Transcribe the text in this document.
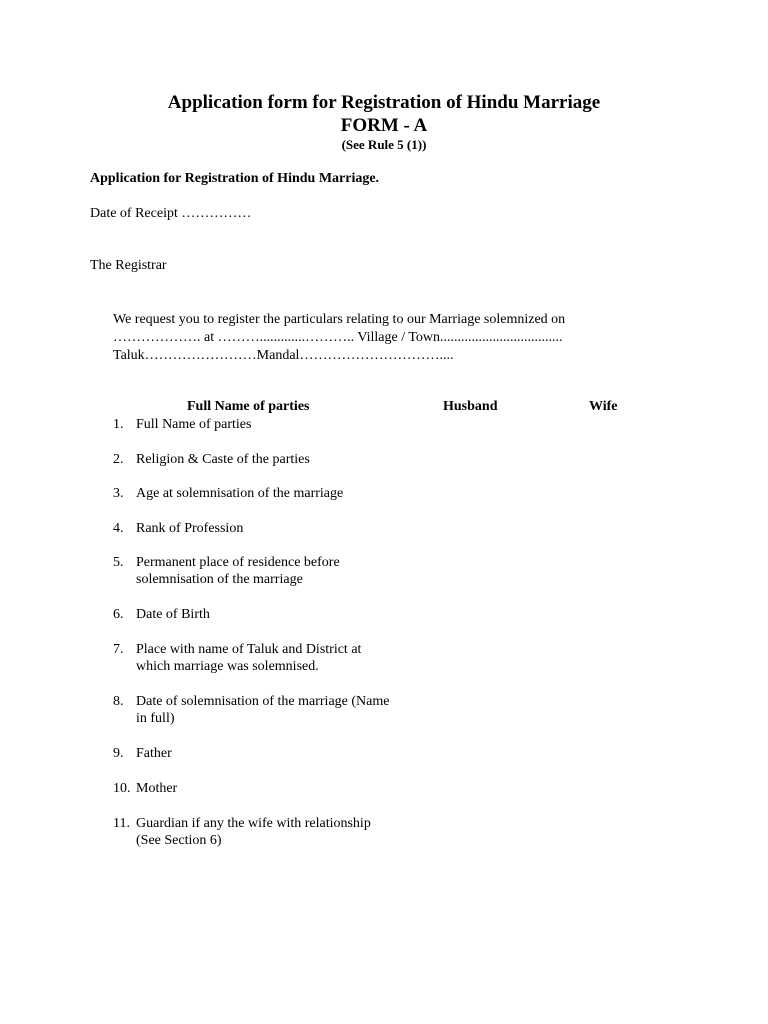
Application form for Registration of Hindu Marriage
FORM - A
(See Rule 5 (1))
Application for Registration of Hindu Marriage.
Date of Receipt ……………
The Registrar
We request you to register the particulars relating to our Marriage solemnized on
………………. at ……….............……….. Village / Town...................................
Taluk……………………Mandal…………………………....
Full Name of parties	Husband	Wife
1. Full Name of parties
2. Religion & Caste of the parties
3. Age at solemnisation of the marriage
4. Rank of Profession
5. Permanent place of residence before
solemnisation of the marriage
6. Date of Birth
7. Place with name of Taluk and District at
which marriage was solemnised.
8. Date of solemnisation of the marriage (Name
in full)
9. Father
10. Mother
11. Guardian if any the wife with relationship
(See Section 6)
